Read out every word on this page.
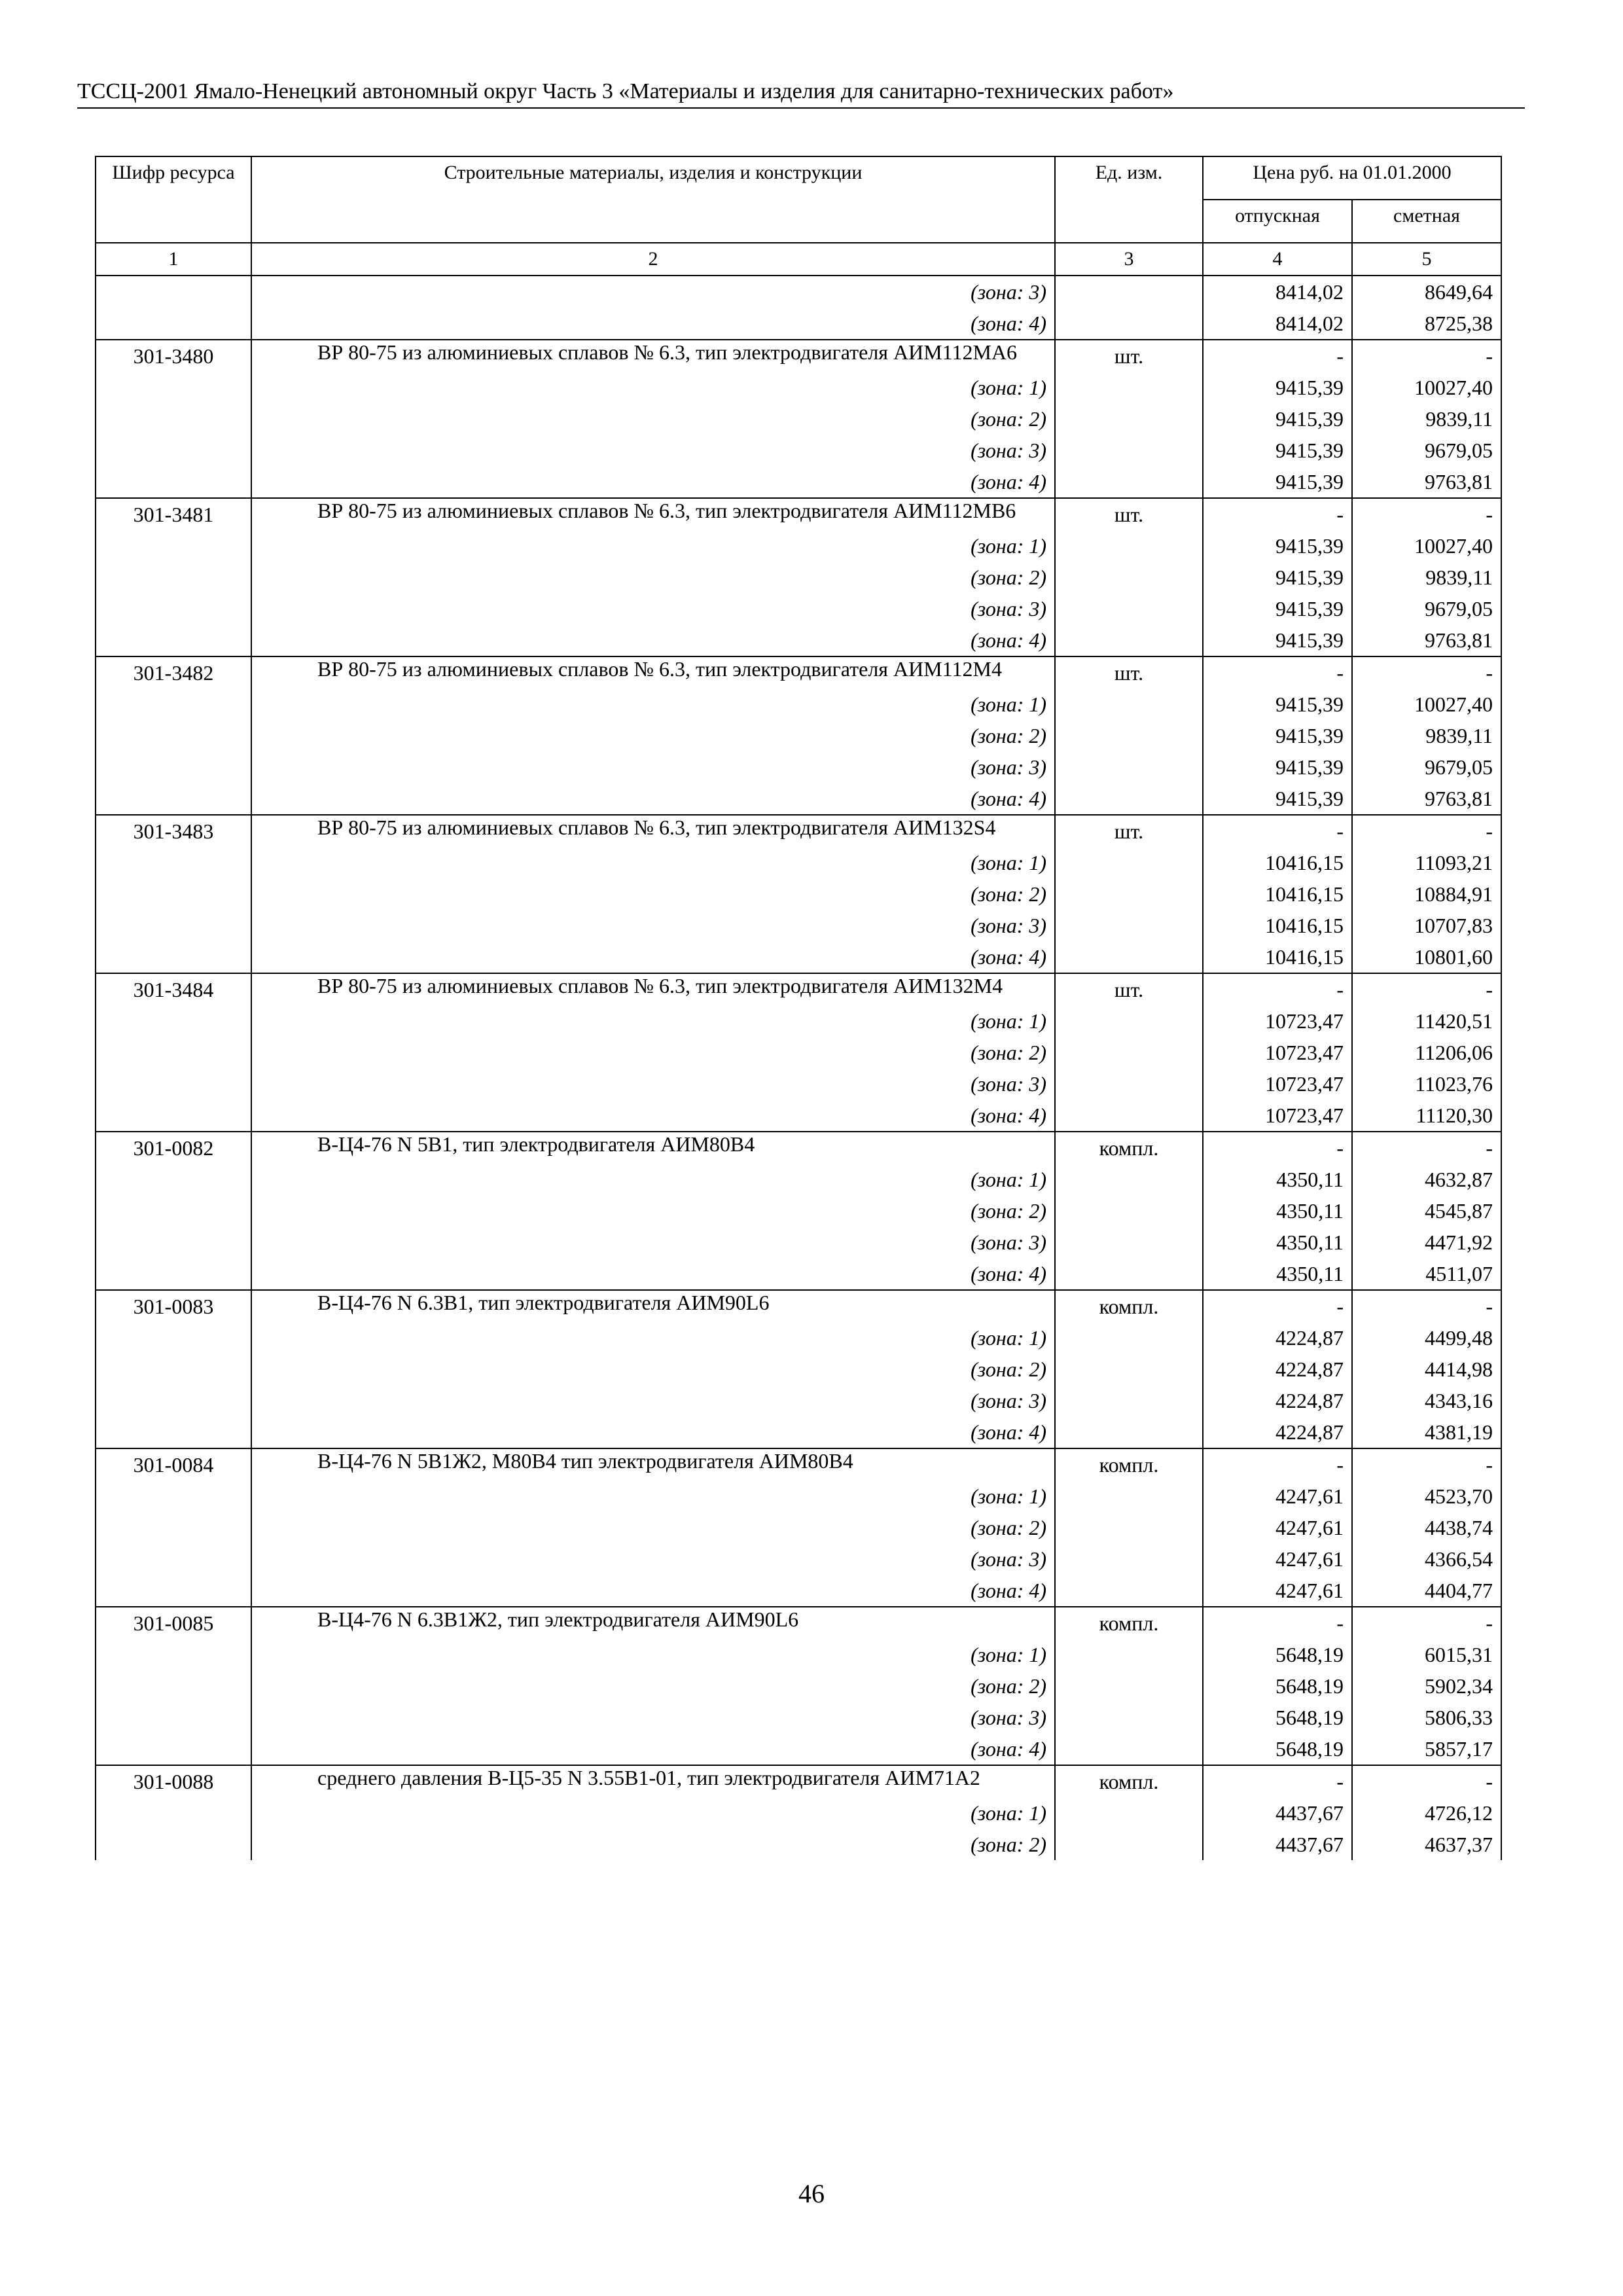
ТССЦ-2001 Ямало-Ненецкий автономный округ Часть 3 «Материалы и изделия для санитарно-технических работ»
Шифр ресурса	Строительные материалы, изделия и конструкции	Ед. изм.	Цена руб. на 01.01.2000	
			отпускная	сметная
1	2	3	4	5
	(зона: 3)		8414,02	8649,64
	(зона: 4)		8414,02	8725,38
301-3480	ВР 80-75 из алюминиевых сплавов № 6.3, тип электродвигателя АИМ112МА6	шт.	-	-
	(зона: 1)		9415,39	10027,40
	(зона: 2)		9415,39	9839,11
	(зона: 3)		9415,39	9679,05
	(зона: 4)		9415,39	9763,81
301-3481	ВР 80-75 из алюминиевых сплавов № 6.3, тип электродвигателя АИМ112МВ6	шт.	-	-
	(зона: 1)		9415,39	10027,40
	(зона: 2)		9415,39	9839,11
	(зона: 3)		9415,39	9679,05
	(зона: 4)		9415,39	9763,81
301-3482	ВР 80-75 из алюминиевых сплавов № 6.3, тип электродвигателя АИМ112М4	шт.	-	-
	(зона: 1)		9415,39	10027,40
	(зона: 2)		9415,39	9839,11
	(зона: 3)		9415,39	9679,05
	(зона: 4)		9415,39	9763,81
301-3483	ВР 80-75 из алюминиевых сплавов № 6.3, тип электродвигателя АИМ132S4	шт.	-	-
	(зона: 1)		10416,15	11093,21
	(зона: 2)		10416,15	10884,91
	(зона: 3)		10416,15	10707,83
	(зона: 4)		10416,15	10801,60
301-3484	ВР 80-75 из алюминиевых сплавов № 6.3, тип электродвигателя АИМ132М4	шт.	-	-
	(зона: 1)		10723,47	11420,51
	(зона: 2)		10723,47	11206,06
	(зона: 3)		10723,47	11023,76
	(зона: 4)		10723,47	11120,30
301-0082	В-Ц4-76 N 5В1, тип электродвигателя АИМ80В4	компл.	-	-
	(зона: 1)		4350,11	4632,87
	(зона: 2)		4350,11	4545,87
	(зона: 3)		4350,11	4471,92
	(зона: 4)		4350,11	4511,07
301-0083	В-Ц4-76 N 6.3В1, тип электродвигателя АИМ90L6	компл.	-	-
	(зона: 1)		4224,87	4499,48
	(зона: 2)		4224,87	4414,98
	(зона: 3)		4224,87	4343,16
	(зона: 4)		4224,87	4381,19
301-0084	В-Ц4-76 N 5В1Ж2, М80В4 тип электродвигателя АИМ80В4	компл.	-	-
	(зона: 1)		4247,61	4523,70
	(зона: 2)		4247,61	4438,74
	(зона: 3)		4247,61	4366,54
	(зона: 4)		4247,61	4404,77
301-0085	В-Ц4-76 N 6.3В1Ж2, тип электродвигателя АИМ90L6	компл.	-	-
	(зона: 1)		5648,19	6015,31
	(зона: 2)		5648,19	5902,34
	(зона: 3)		5648,19	5806,33
	(зона: 4)		5648,19	5857,17
301-0088	среднего давления В-Ц5-35 N 3.55В1-01, тип электродвигателя АИМ71А2	компл.	-	-
	(зона: 1)		4437,67	4726,12
	(зона: 2)		4437,67	4637,37
46
